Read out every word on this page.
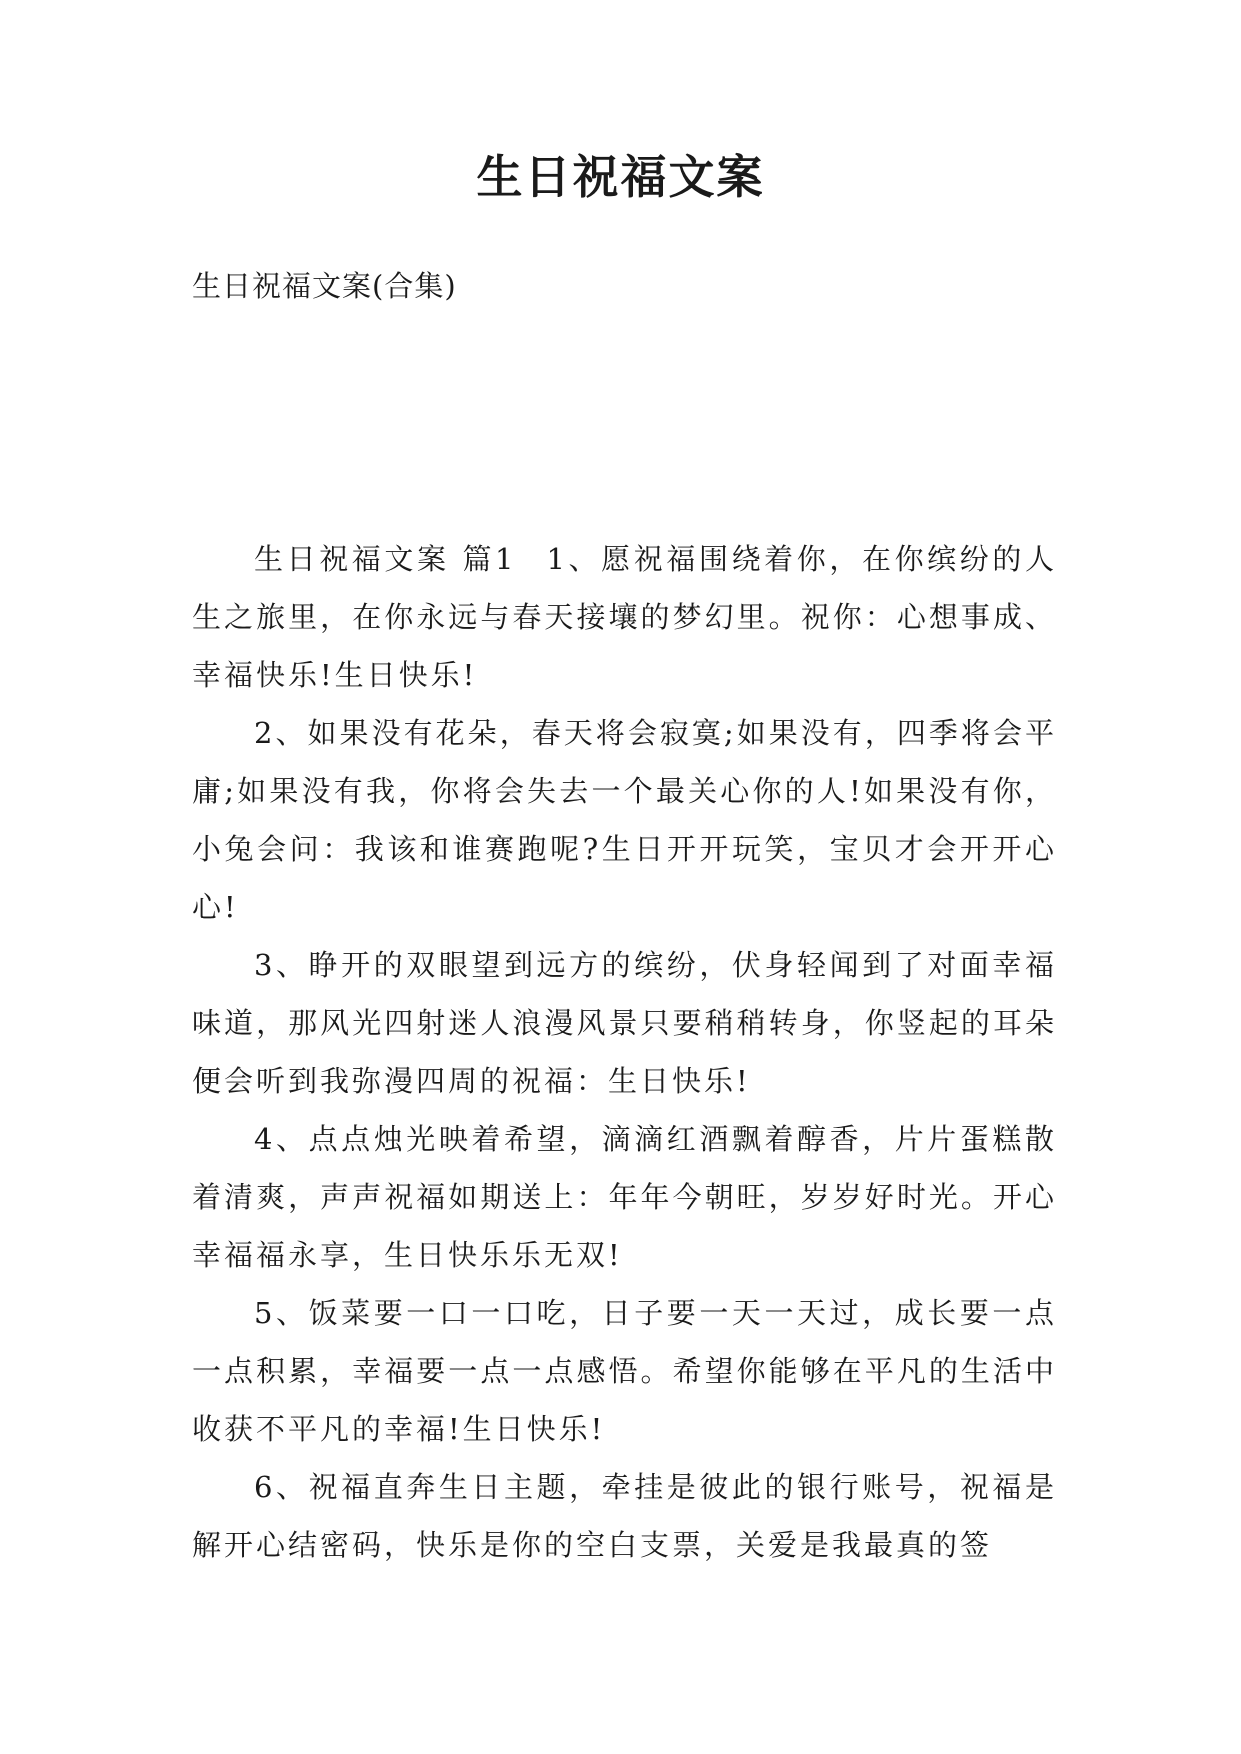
生日祝福文案
生日祝福文案(合集)

生日祝福文案 篇1 1、愿祝福围绕着你，在你缤纷的人生之旅里，在你永远与春天接壤的梦幻里。祝你：心想事成、幸福快乐!生日快乐!

2、如果没有花朵，春天将会寂寞;如果没有，四季将会平庸;如果没有我，你将会失去一个最关心你的人!如果没有你，小兔会问：我该和谁赛跑呢?生日开开玩笑，宝贝才会开开心心!

3、睁开的双眼望到远方的缤纷，伏身轻闻到了对面幸福味道，那风光四射迷人浪漫风景只要稍稍转身，你竖起的耳朵便会听到我弥漫四周的祝福：生日快乐!

4、点点烛光映着希望，滴滴红酒飘着醇香，片片蛋糕散着清爽，声声祝福如期送上：年年今朝旺，岁岁好时光。开心幸福福永享，生日快乐乐无双!

5、饭菜要一口一口吃，日子要一天一天过，成长要一点一点积累，幸福要一点一点感悟。希望你能够在平凡的生活中收获不平凡的幸福!生日快乐!

6、祝福直奔生日主题，牵挂是彼此的银行账号，祝福是解开心结密码，快乐是你的空白支票，关爱是我最真的签
